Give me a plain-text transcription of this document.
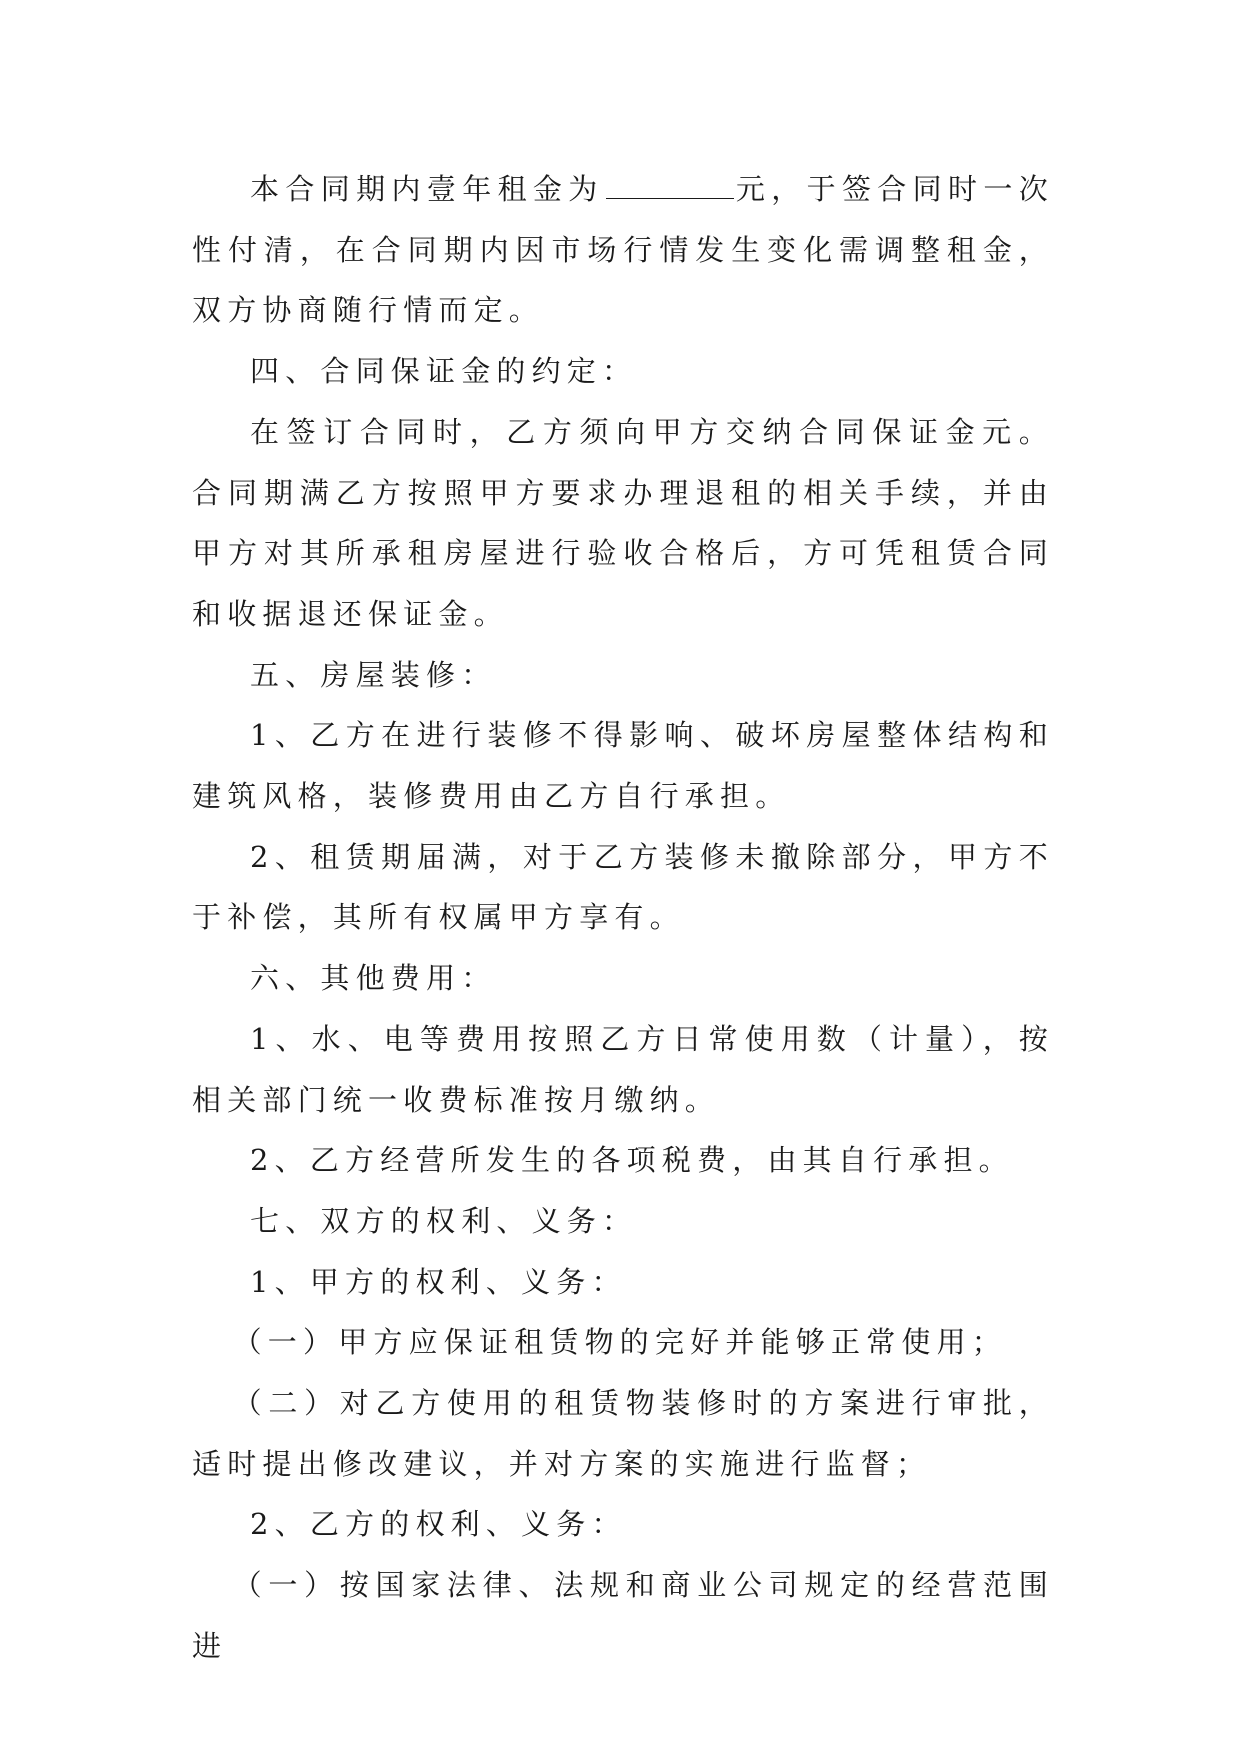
本合同期内壹年租金为	元，于签合同时一次性付清，在合同期内因市场行情发生变化需调整租金，双方协商随行情而定。

四、合同保证金的约定：

在签订合同时，乙方须向甲方交纳合同保证金元。合同期满乙方按照甲方要求办理退租的相关手续，并由甲方对其所承租房屋进行验收合格后，方可凭租赁合同和收据退还保证金。

五、房屋装修：

1、乙方在进行装修不得影响、破坏房屋整体结构和建筑风格，装修费用由乙方自行承担。

2、租赁期届满，对于乙方装修未撤除部分，甲方不于补偿，其所有权属甲方享有。

六、其他费用：

1、水、电等费用按照乙方日常使用数（计量），按相关部门统一收费标准按月缴纳。

2、乙方经营所发生的各项税费，由其自行承担。

七、双方的权利、义务：

1、甲方的权利、义务：

（一）甲方应保证租赁物的完好并能够正常使用；

（二）对乙方使用的租赁物装修时的方案进行审批，适时提出修改建议，并对方案的实施进行监督；

2、乙方的权利、义务：

（一）按国家法律、法规和商业公司规定的经营范围进
